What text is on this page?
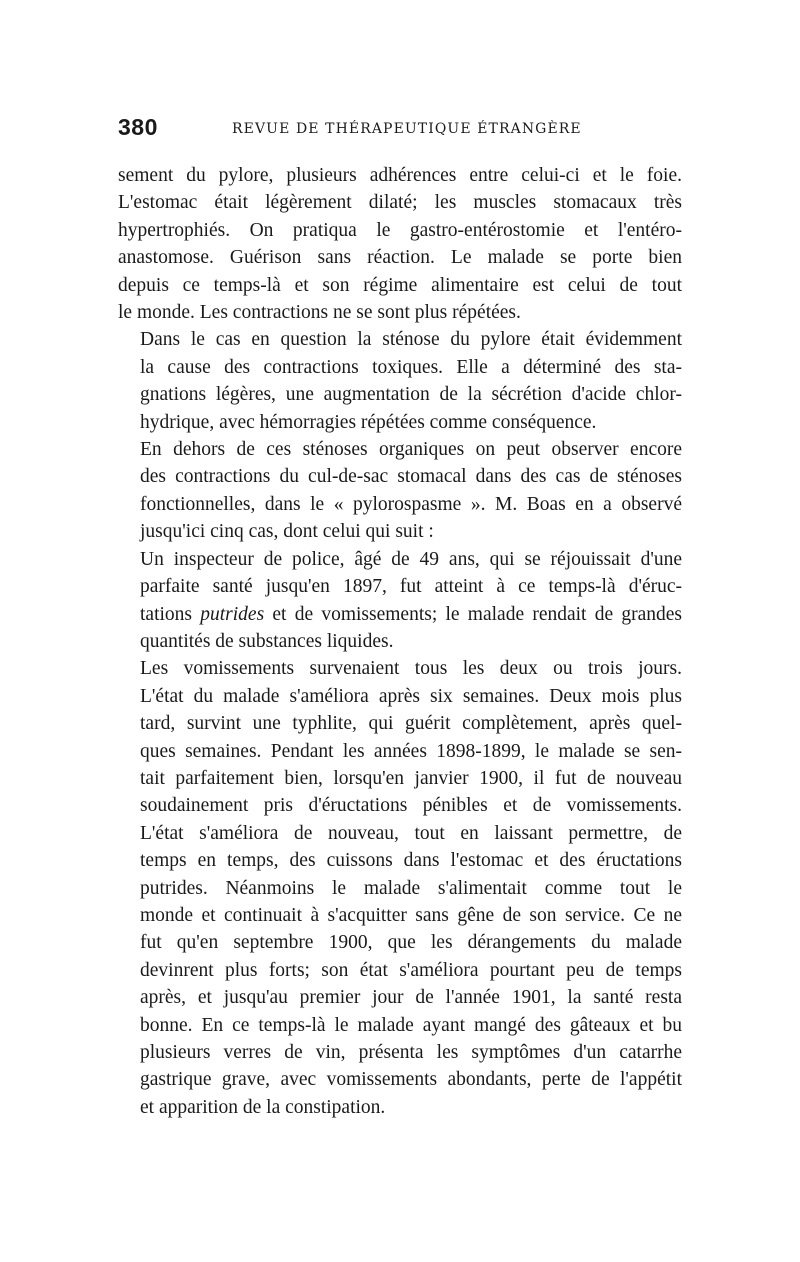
380	REVUE DE THÉRAPEUTIQUE ÉTRANGÈRE

sement du pylore, plusieurs adhérences entre celui-ci et le foie.
L'estomac était légèrement dilaté; les muscles stomacaux très
hypertrophiés. On pratiqua le gastro-entérostomie et l'entéro-
anastomose. Guérison sans réaction. Le malade se porte bien
depuis ce temps-là et son régime alimentaire est celui de tout
le monde. Les contractions ne se sont plus répétées.

Dans le cas en question la sténose du pylore était évidemment
la cause des contractions toxiques. Elle a déterminé des sta-
gnations légères, une augmentation de la sécrétion d'acide chlor-
hydrique, avec hémorragies répétées comme conséquence.

En dehors de ces sténoses organiques on peut observer encore
des contractions du cul-de-sac stomacal dans des cas de sténoses
fonctionnelles, dans le « pylorospasme ». M. Boas en a observé
jusqu'ici cinq cas, dont celui qui suit :

Un inspecteur de police, âgé de 49 ans, qui se réjouissait d'une
parfaite santé jusqu'en 1897, fut atteint à ce temps-là d'éruc-
tations putrides et de vomissements; le malade rendait de grandes
quantités de substances liquides.

Les vomissements survenaient tous les deux ou trois jours.
L'état du malade s'améliora après six semaines. Deux mois plus
tard, survint une typhlite, qui guérit complètement, après quel-
ques semaines. Pendant les années 1898-1899, le malade se sen-
tait parfaitement bien, lorsqu'en janvier 1900, il fut de nouveau
soudainement pris d'éructations pénibles et de vomissements.
L'état s'améliora de nouveau, tout en laissant permettre, de
temps en temps, des cuissons dans l'estomac et des éructations
putrides. Néanmoins le malade s'alimentait comme tout le
monde et continuait à s'acquitter sans gêne de son service. Ce ne
fut qu'en septembre 1900, que les dérangements du malade
devinrent plus forts; son état s'améliora pourtant peu de temps
après, et jusqu'au premier jour de l'année 1901, la santé resta
bonne. En ce temps-là le malade ayant mangé des gâteaux et bu
plusieurs verres de vin, présenta les symptômes d'un catarrhe
gastrique grave, avec vomissements abondants, perte de l'appétit
et apparition de la constipation.
